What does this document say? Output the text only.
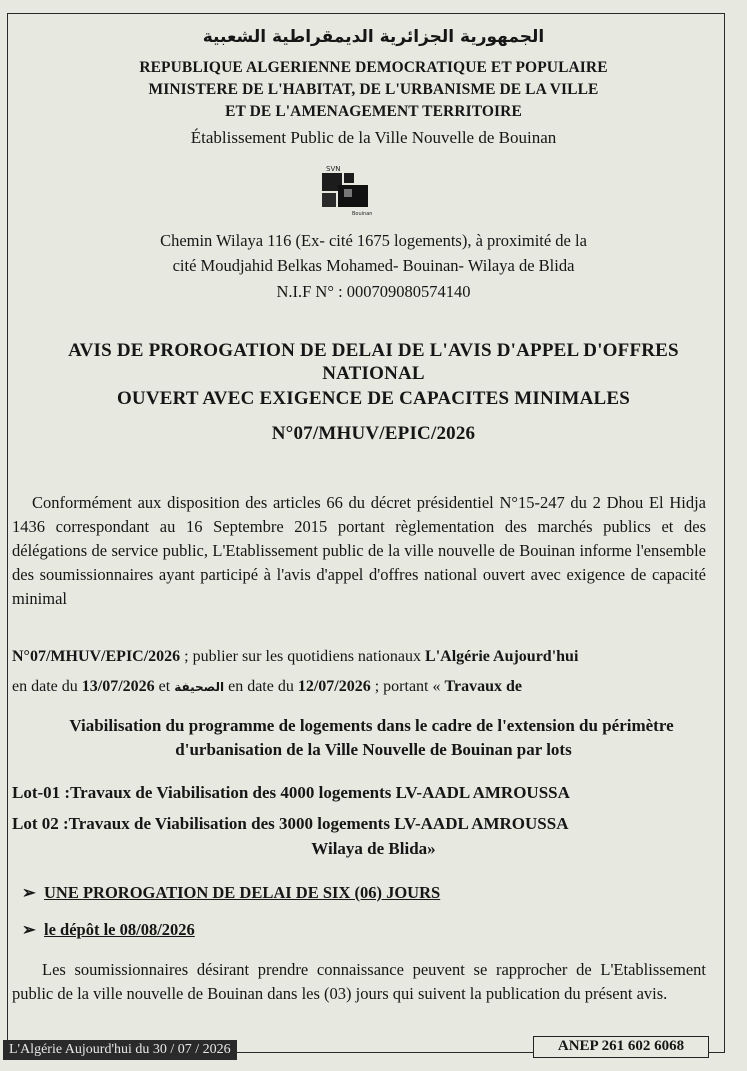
الجمهورية الجزائرية الديمقراطية الشعبية
REPUBLIQUE ALGERIENNE DEMOCRATIQUE ET POPULAIRE
MINISTERE DE L'HABITAT, DE L'URBANISME DE LA VILLE
ET DE L'AMENAGEMENT TERRITOIRE
Établissement Public de la Ville Nouvelle de Bouinan
SVN
Bouinan
Chemin Wilaya 116 (Ex- cité 1675 logements), à proximité de la
cité Moudjahid Belkas Mohamed- Bouinan- Wilaya de Blida
N.I.F N° : 000709080574140
AVIS DE PROROGATION DE DELAI DE L'AVIS D'APPEL D'OFFRES
NATIONAL
OUVERT AVEC EXIGENCE DE CAPACITES MINIMALES
N°07/MHUV/EPIC/2026
Conformément aux disposition des articles 66 du décret présidentiel N°15-247 du 2 Dhou El Hidja 1436 correspondant au 16 Septembre 2015 portant règlementation des marchés publics et des délégations de service public, L'Etablissement public de la ville nouvelle de Bouinan informe l'ensemble des soumissionnaires ayant participé à l'avis d'appel d'offres national ouvert avec exigence de capacité minimal
N°07/MHUV/EPIC/2026 ; publier sur les quotidiens nationaux L'Algérie Aujourd'hui
en date du 13/07/2026 et الصحيفة en date du 12/07/2026 ; portant « Travaux de
Viabilisation du programme de logements dans le cadre de l'extension du périmètre
d'urbanisation de la Ville Nouvelle de Bouinan par lots
Lot-01 :Travaux de Viabilisation des 4000 logements LV-AADL AMROUSSA
Lot 02 :Travaux de Viabilisation des 3000 logements LV-AADL AMROUSSA
Wilaya de Blida»
➢ UNE PROROGATION DE DELAI DE SIX (06) JOURS
➢ le dépôt le 08/08/2026
Les soumissionnaires désirant prendre connaissance peuvent se rapprocher de L'Etablissement public de la ville nouvelle de Bouinan dans les (03) jours qui suivent la publication du présent avis.
L'Algérie Aujourd'hui du 30 / 07 / 2026	ANEP 261 602 6068
